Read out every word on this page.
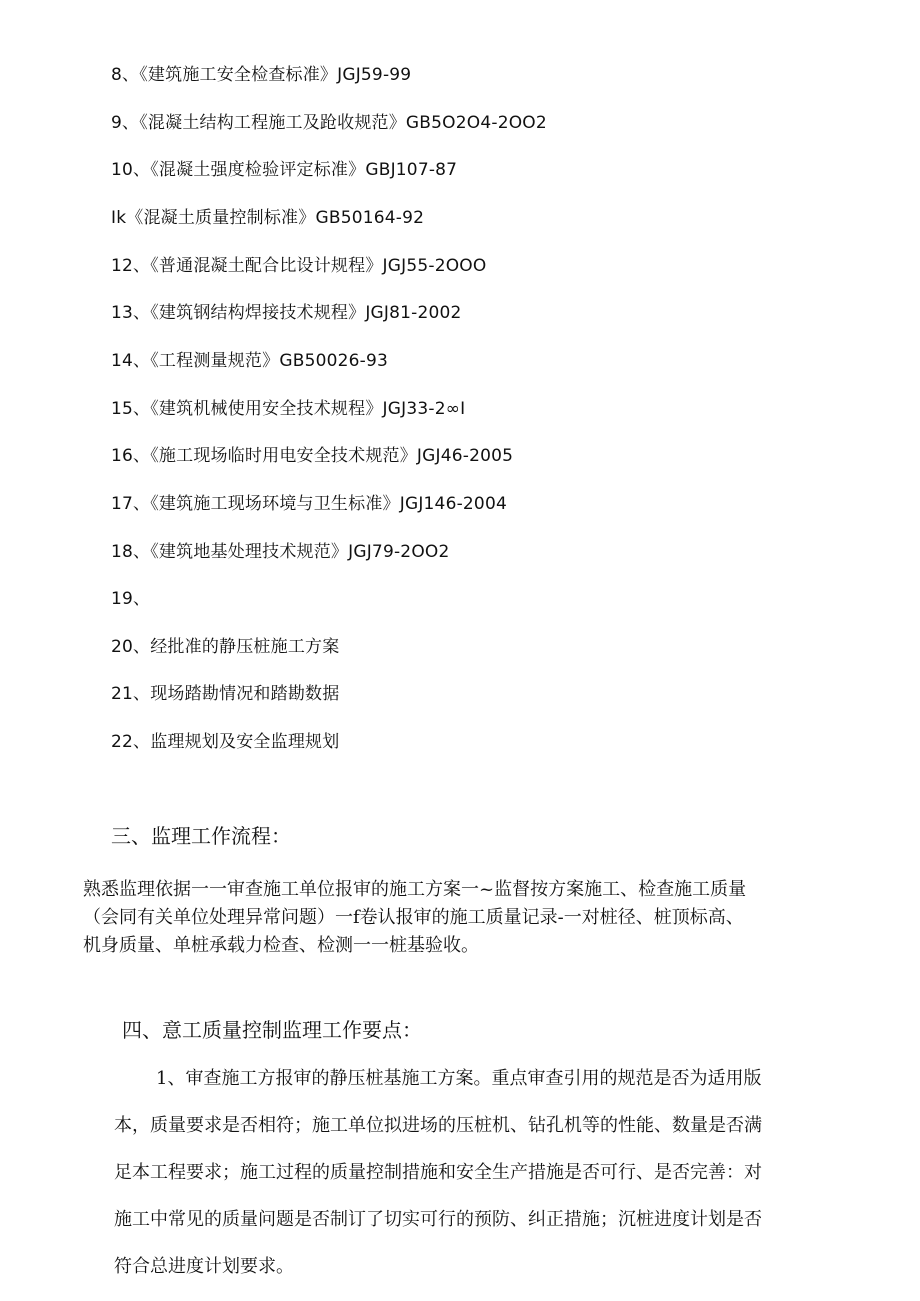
8、《建筑施工安全检查标准》JGJ59-99
9、《混凝土结构工程施工及跄收规范》GB5O2O4-2OO2
10、《混凝土强度检验评定标准》GBJ107-87
Ik《混凝土质量控制标准》GB50164-92
12、《普通混凝土配合比设计规程》JGJ55-2OOO
13、《建筑钢结构焊接技术规程》JGJ81-2002
14、《工程测量规范》GB50026-93
15、《建筑机械使用安全技术规程》JGJ33-2∞I
16、《施工现场临时用电安全技术规范》JGJ46-2005
17、《建筑施工现场环境与卫生标准》JGJ146-2004
18、《建筑地基处理技术规范》JGJ79-2OO2
19、
20、经批准的静压桩施工方案
21、现场踏勘情况和踏勘数据
22、监理规划及安全监理规划
三、监理工作流程：
熟悉监理依据一一审查施工单位报审的施工方案一~监督按方案施工、检查施工质量
（会同有关单位处理异常问题）一f卷认报审的施工质量记录-一对桩径、桩顶标高、
机身质量、单桩承载力检查、检测一一桩基验收。
四、意工质量控制监理工作要点：
1、审查施工方报审的静压桩基施工方案。重点审查引用的规范是否为适用版
本，质量要求是否相符；施工单位拟进场的压桩机、钻孔机等的性能、数量是否满
足本工程要求；施工过程的质量控制措施和安全生产措施是否可行、是否完善：对
施工中常见的质量问题是否制订了切实可行的预防、纠正措施；沉桩进度计划是否
符合总进度计划要求。
